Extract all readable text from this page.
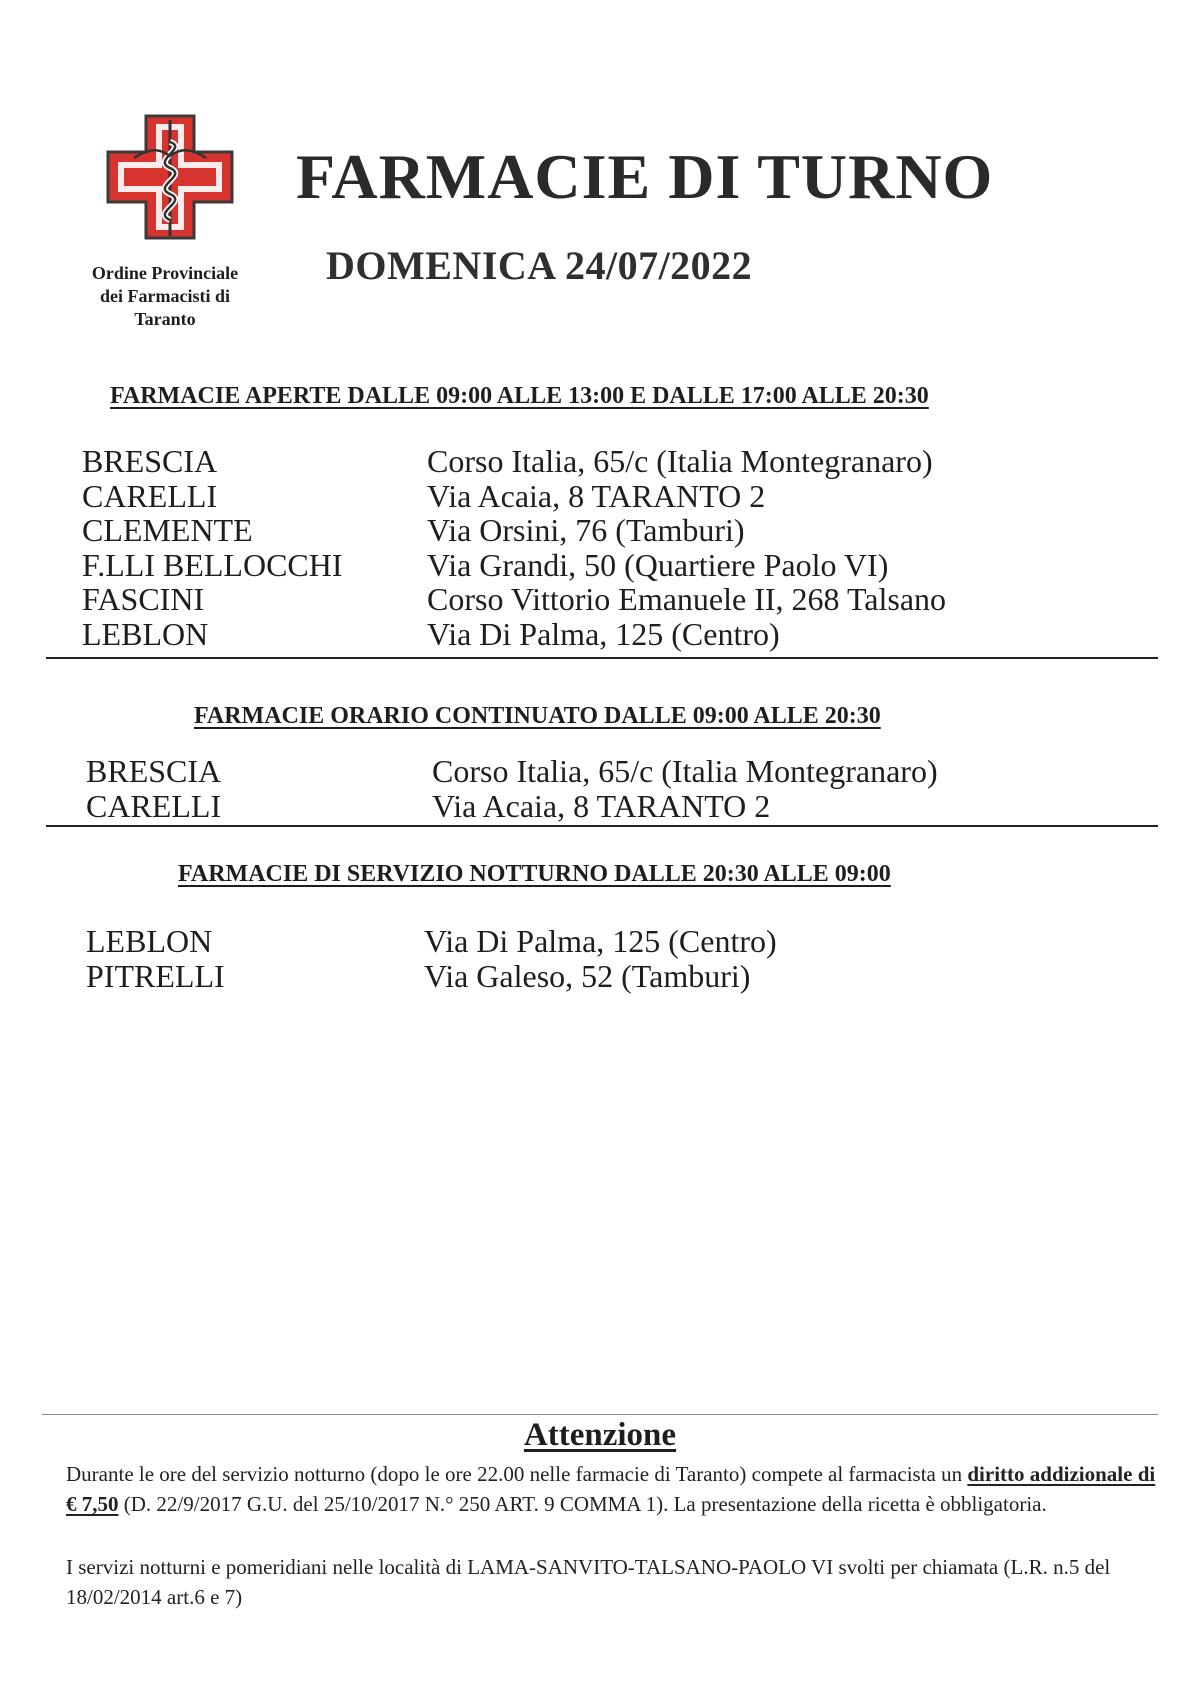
Ordine Provinciale
dei Farmacisti di
Taranto
FARMACIE DI TURNO
DOMENICA 24/07/2022
FARMACIE APERTE DALLE 09:00 ALLE 13:00 E DALLE 17:00 ALLE 20:30
BRESCIA	Corso Italia, 65/c (Italia Montegranaro)
CARELLI	Via Acaia, 8 TARANTO 2
CLEMENTE	Via Orsini, 76 (Tamburi)
F.LLI BELLOCCHI	Via Grandi, 50 (Quartiere Paolo VI)
FASCINI	Corso Vittorio Emanuele II, 268 Talsano
LEBLON	Via Di Palma, 125 (Centro)
FARMACIE ORARIO CONTINUATO DALLE 09:00 ALLE 20:30
BRESCIA	Corso Italia, 65/c (Italia Montegranaro)
CARELLI	Via Acaia, 8 TARANTO 2
FARMACIE DI SERVIZIO NOTTURNO DALLE 20:30 ALLE 09:00
LEBLON	Via Di Palma, 125 (Centro)
PITRELLI	Via Galeso, 52 (Tamburi)
Attenzione
Durante le ore del servizio notturno (dopo le ore 22.00 nelle farmacie di Taranto) compete al farmacista un diritto addizionale di € 7,50 (D. 22/9/2017 G.U. del 25/10/2017 N.° 250 ART. 9 COMMA 1). La presentazione della ricetta è obbligatoria.
I servizi notturni e pomeridiani nelle località di LAMA-SANVITO-TALSANO-PAOLO VI svolti per chiamata (L.R. n.5 del 18/02/2014 art.6 e 7)
